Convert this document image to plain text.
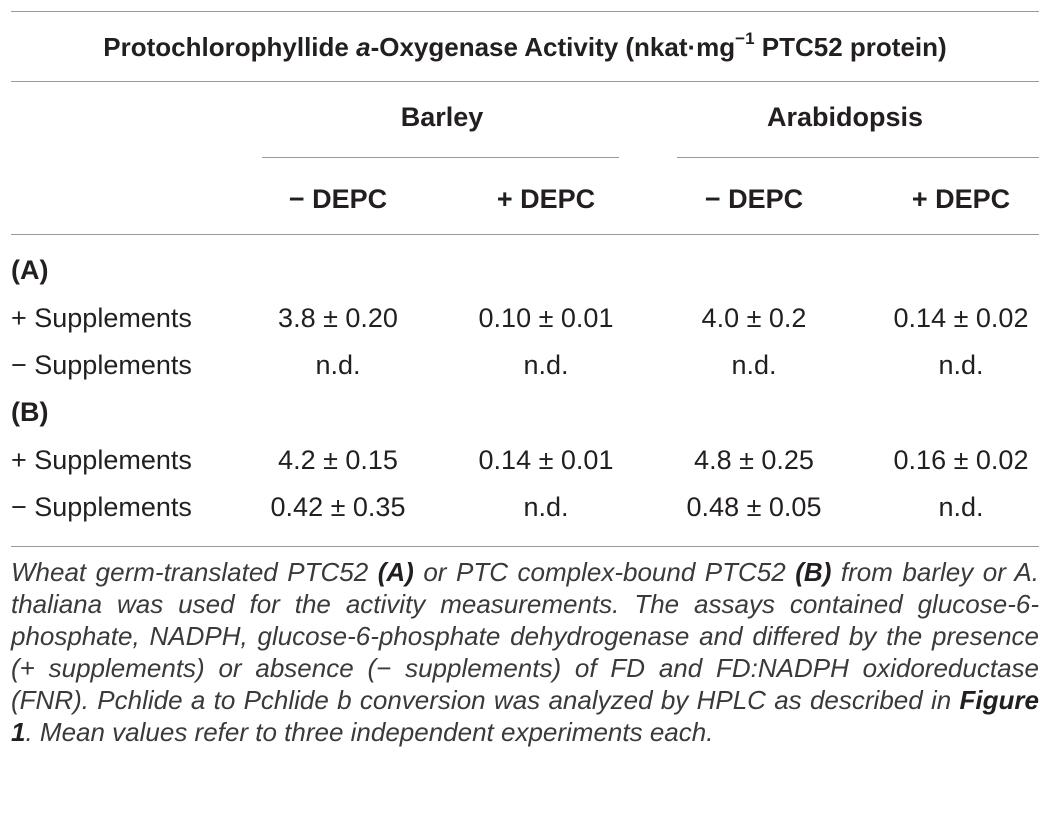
Protochlorophyllide a-Oxygenase Activity ($nkat\cdot mg^{-1}$ PTC52 protein)
Barley	Arabidopsis
− DEPC	+ DEPC	− DEPC	+ DEPC
(A)
+ Supplements	3.8 ± 0.20	0.10 ± 0.01	4.0 ± 0.2	0.14 ± 0.02
− Supplements	n.d.	n.d.	n.d.	n.d.
(B)
+ Supplements	4.2 ± 0.15	0.14 ± 0.01	4.8 ± 0.25	0.16 ± 0.02
− Supplements	0.42 ± 0.35	n.d.	0.48 ± 0.05	n.d.
Wheat germ-translated PTC52 (A) or PTC complex-bound PTC52 (B) from barley or A. thaliana was used for the activity measurements. The assays contained glucose-6-phosphate, NADPH, glucose-6-phosphate dehydrogenase and differed by the presence (+ supplements) or absence (− supplements) of FD and FD:NADPH oxidoreductase (FNR). Pchlide a to Pchlide b conversion was analyzed by HPLC as described in Figure 1. Mean values refer to three independent experiments each.
